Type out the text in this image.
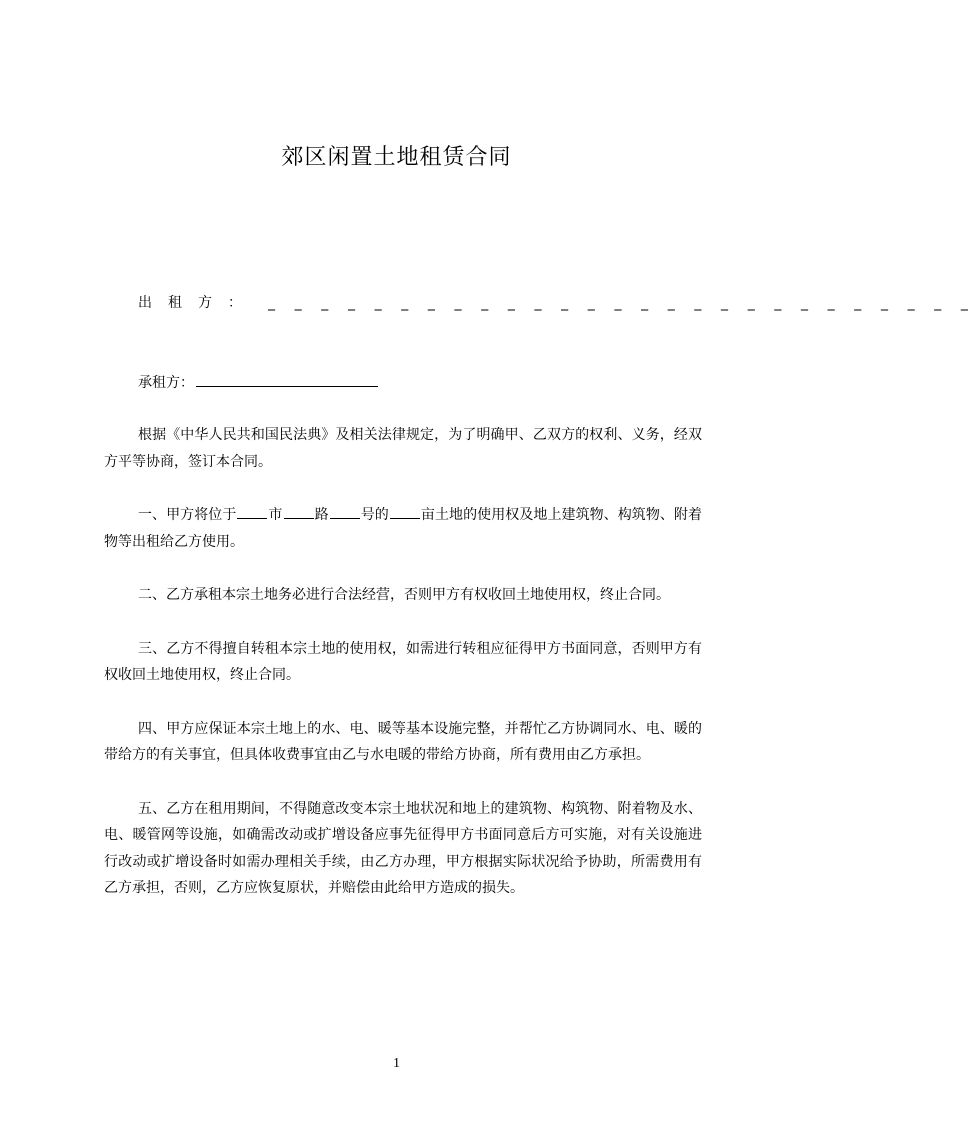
郊区闲置土地租赁合同
出租方： _ _ _ _ _ _ _ _ _ _ _ _ _ _ _ _ _ _ _ _ _ _ _ _ _ _ _
承租方：

根据《中华人民共和国民法典》及相关法律规定，为了明确甲、乙双方的权利、义务，经双方平等协商，签订本合同。

一、甲方将位于 市 路 号的 亩土地的使用权及地上建筑物、构筑物、附着物等出租给乙方使用。

二、乙方承租本宗土地务必进行合法经营，否则甲方有权收回土地使用权，终止合同。

三、乙方不得擅自转租本宗土地的使用权，如需进行转租应征得甲方书面同意，否则甲方有权收回土地使用权，终止合同。

四、甲方应保证本宗土地上的水、电、暖等基本设施完整，并帮忙乙方协调同水、电、暖的带给方的有关事宜，但具体收费事宜由乙与水电暖的带给方协商，所有费用由乙方承担。

五、乙方在租用期间，不得随意改变本宗土地状况和地上的建筑物、构筑物、附着物及水、电、暖管网等设施，如确需改动或扩增设备应事先征得甲方书面同意后方可实施，对有关设施进行改动或扩增设备时如需办理相关手续，由乙方办理，甲方根据实际状况给予协助，所需费用有乙方承担，否则，乙方应恢复原状，并赔偿由此给甲方造成的损失。

1
